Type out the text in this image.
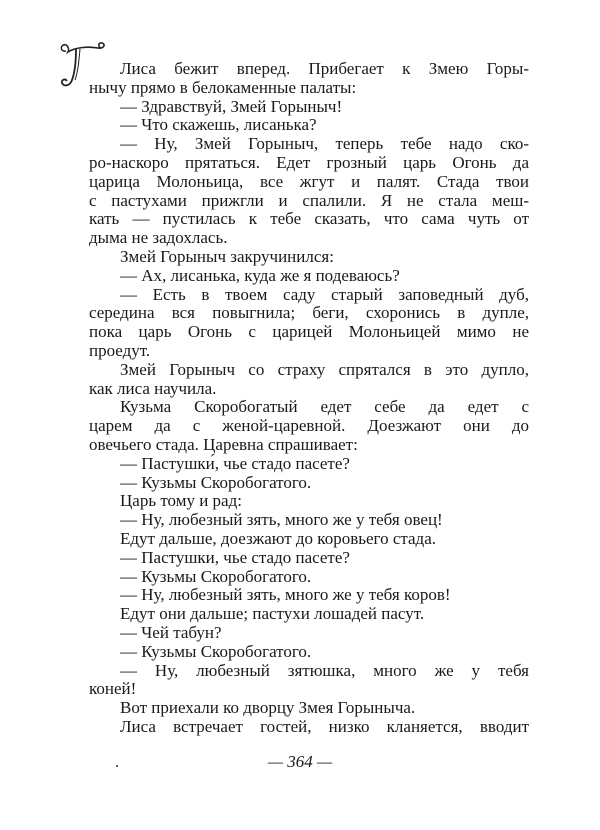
Лиса бежит вперед. Прибегает к Змею Горы-
нычу прямо в белокаменные палаты:
— Здравствуй, Змей Горыныч!
— Что скажешь, лисанька?
— Ну, Змей Горыныч, теперь тебе надо ско-
ро-наскоро прятаться. Едет грозный царь Огонь да
царица Молоньица, все жгут и палят. Стада твои
с пастухами прижгли и спалили. Я не стала меш-
кать — пустилась к тебе сказать, что сама чуть от
дыма не задохлась.
Змей Горыныч закручинился:
— Ах, лисанька, куда же я подеваюсь?
— Есть в твоем саду старый заповедный дуб,
середина вся повыгнила; беги, схоронись в дупле,
пока царь Огонь с царицей Молоньицей мимо не
проедут.
Змей Горыныч со страху спрятался в это дупло,
как лиса научила.
Кузьма Скоробогатый едет себе да едет с
царем да с женой-царевной. Доезжают они до
овечьего стада. Царевна спрашивает:
— Пастушки́, чье стадо пасете?
— Кузьмы Скоробогатого.
Царь тому и рад:
— Ну, любезный зять, много же у тебя овец!
Едут дальше, доезжают до коровьего стада.
— Пастушки, чье стадо пасете?
— Кузьмы Скоробогатого.
— Ну, любезный зять, много же у тебя коров!
Едут они дальше; пастухи лошадей пасут.
— Чей табун?
— Кузьмы Скоробогатого.
— Ну, любезный зятюшка, много же у тебя
коней!
Вот приехали ко дворцу Змея Горыныча.
Лиса встречает гостей, низко кланяется, вводит
— 364 —
